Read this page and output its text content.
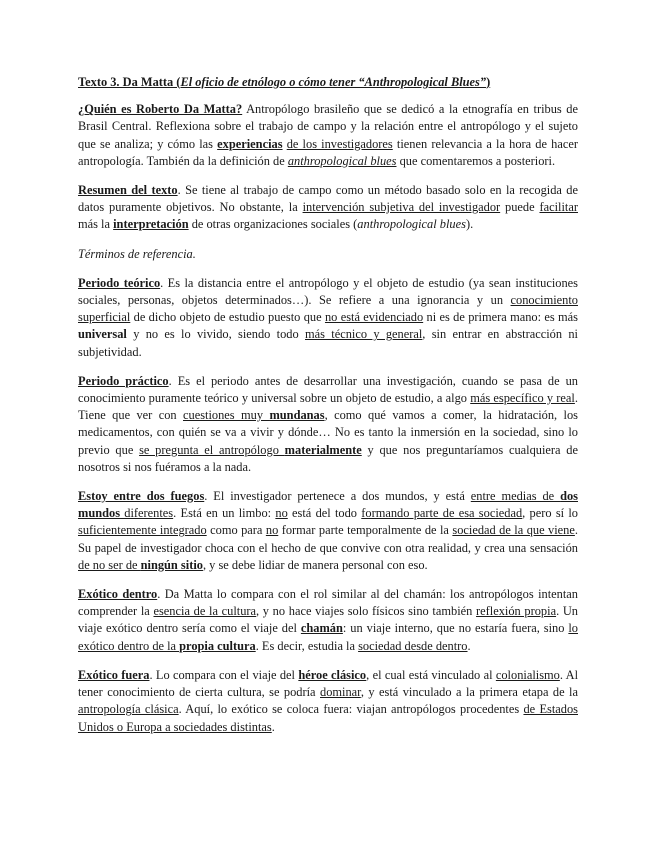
Texto 3. Da Matta (El oficio de etnólogo o cómo tener “Anthropological Blues”)

¿Quién es Roberto Da Matta? Antropólogo brasileño que se dedicó a la etnografía en tribus de Brasil Central. Reflexiona sobre el trabajo de campo y la relación entre el antropólogo y el sujeto que se analiza; y cómo las experiencias de los investigadores tienen relevancia a la hora de hacer antropología. También da la definición de anthropological blues que comentaremos a posteriori.

Resumen del texto. Se tiene al trabajo de campo como un método basado solo en la recogida de datos puramente objetivos. No obstante, la intervención subjetiva del investigador puede facilitar más la interpretación de otras organizaciones sociales (anthropological blues).

Términos de referencia.

Periodo teórico. Es la distancia entre el antropólogo y el objeto de estudio (ya sean instituciones sociales, personas, objetos determinados…). Se refiere a una ignorancia y un conocimiento superficial de dicho objeto de estudio puesto que no está evidenciado ni es de primera mano: es más universal y no es lo vivido, siendo todo más técnico y general, sin entrar en abstracción ni subjetividad.

Periodo práctico. Es el periodo antes de desarrollar una investigación, cuando se pasa de un conocimiento puramente teórico y universal sobre un objeto de estudio, a algo más específico y real. Tiene que ver con cuestiones muy mundanas, como qué vamos a comer, la hidratación, los medicamentos, con quién se va a vivir y dónde… No es tanto la inmersión en la sociedad, sino lo previo que se pregunta el antropólogo materialmente y que nos preguntaríamos cualquiera de nosotros si nos fuéramos a la nada.

Estoy entre dos fuegos. El investigador pertenece a dos mundos, y está entre medias de dos mundos diferentes. Está en un limbo: no está del todo formando parte de esa sociedad, pero sí lo suficientemente integrado como para no formar parte temporalmente de la sociedad de la que viene. Su papel de investigador choca con el hecho de que convive con otra realidad, y crea una sensación de no ser de ningún sitio, y se debe lidiar de manera personal con eso.

Exótico dentro. Da Matta lo compara con el rol similar al del chamán: los antropólogos intentan comprender la esencia de la cultura, y no hace viajes solo físicos sino también reflexión propia. Un viaje exótico dentro sería como el viaje del chamán: un viaje interno, que no estaría fuera, sino lo exótico dentro de la propia cultura. Es decir, estudia la sociedad desde dentro.

Exótico fuera. Lo compara con el viaje del héroe clásico, el cual está vinculado al colonialismo. Al tener conocimiento de cierta cultura, se podría dominar, y está vinculado a la primera etapa de la antropología clásica. Aquí, lo exótico se coloca fuera: viajan antropólogos procedentes de Estados Unidos o Europa a sociedades distintas.
